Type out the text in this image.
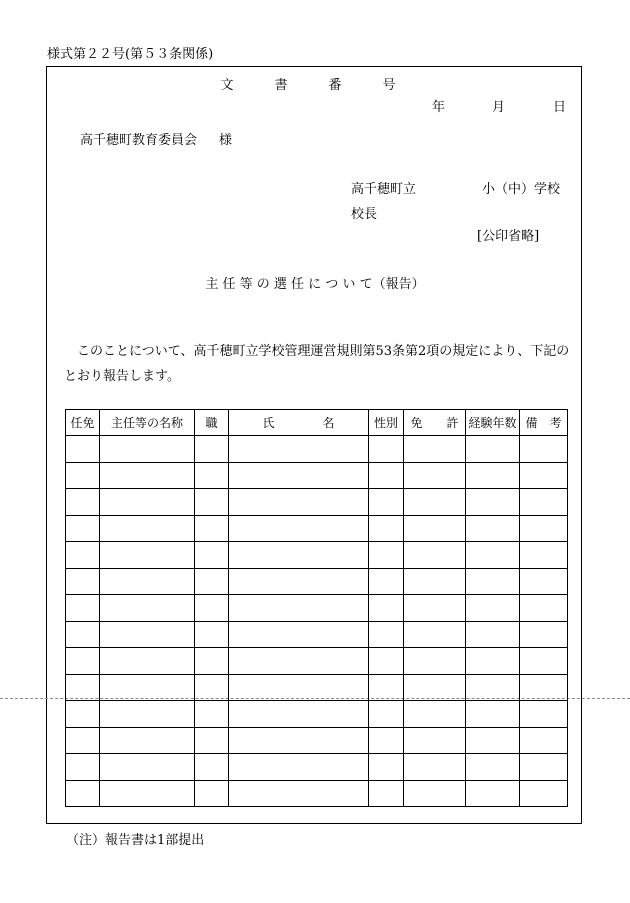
様式第２２号(第５３条関係)
文　書　番　号
年	月	日
高千穂町教育委員会 様
高千穂町立	小（中）学校
校長
[公印省略]
主 任 等 の 選 任 に つ い て（報告）
このことについて、高千穂町立学校管理運営規則第53条第2項の規定により、下記のとおり報告します。
任免	主任等の名称	職	氏　　　　名	性別	免　　許	経験年数	備　考

（注）報告書は1部提出
